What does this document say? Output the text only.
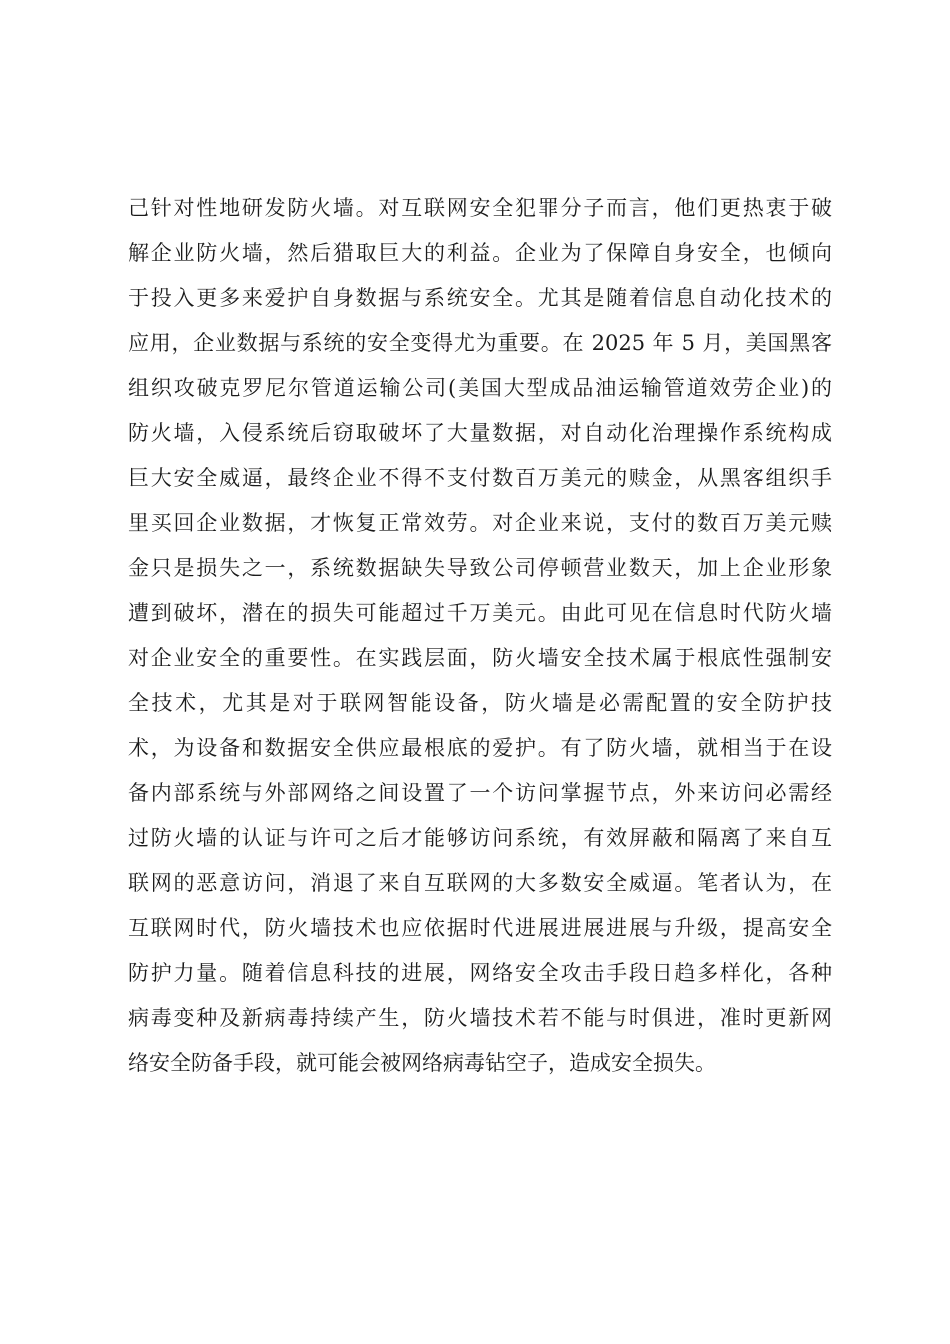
己针对性地研发防火墙。对互联网安全犯罪分子而言，他们更热衷于破
解企业防火墙，然后猎取巨大的利益。企业为了保障自身安全，也倾向
于投入更多来爱护自身数据与系统安全。尤其是随着信息自动化技术的
应用，企业数据与系统的安全变得尤为重要。在 2025 年 5 月，美国黑客
组织攻破克罗尼尔管道运输公司(美国大型成品油运输管道效劳企业)的
防火墙，入侵系统后窃取破坏了大量数据，对自动化治理操作系统构成
巨大安全威逼，最终企业不得不支付数百万美元的赎金，从黑客组织手
里买回企业数据，才恢复正常效劳。对企业来说，支付的数百万美元赎
金只是损失之一，系统数据缺失导致公司停顿营业数天，加上企业形象
遭到破坏，潜在的损失可能超过千万美元。由此可见在信息时代防火墙
对企业安全的重要性。在实践层面，防火墙安全技术属于根底性强制安
全技术，尤其是对于联网智能设备，防火墙是必需配置的安全防护技
术，为设备和数据安全供应最根底的爱护。有了防火墙，就相当于在设
备内部系统与外部网络之间设置了一个访问掌握节点，外来访问必需经
过防火墙的认证与许可之后才能够访问系统，有效屏蔽和隔离了来自互
联网的恶意访问，消退了来自互联网的大多数安全威逼。笔者认为，在
互联网时代，防火墙技术也应依据时代进展进展进展与升级，提高安全
防护力量。随着信息科技的进展，网络安全攻击手段日趋多样化，各种
病毒变种及新病毒持续产生，防火墙技术若不能与时俱进，准时更新网
络安全防备手段，就可能会被网络病毒钻空子，造成安全损失。
